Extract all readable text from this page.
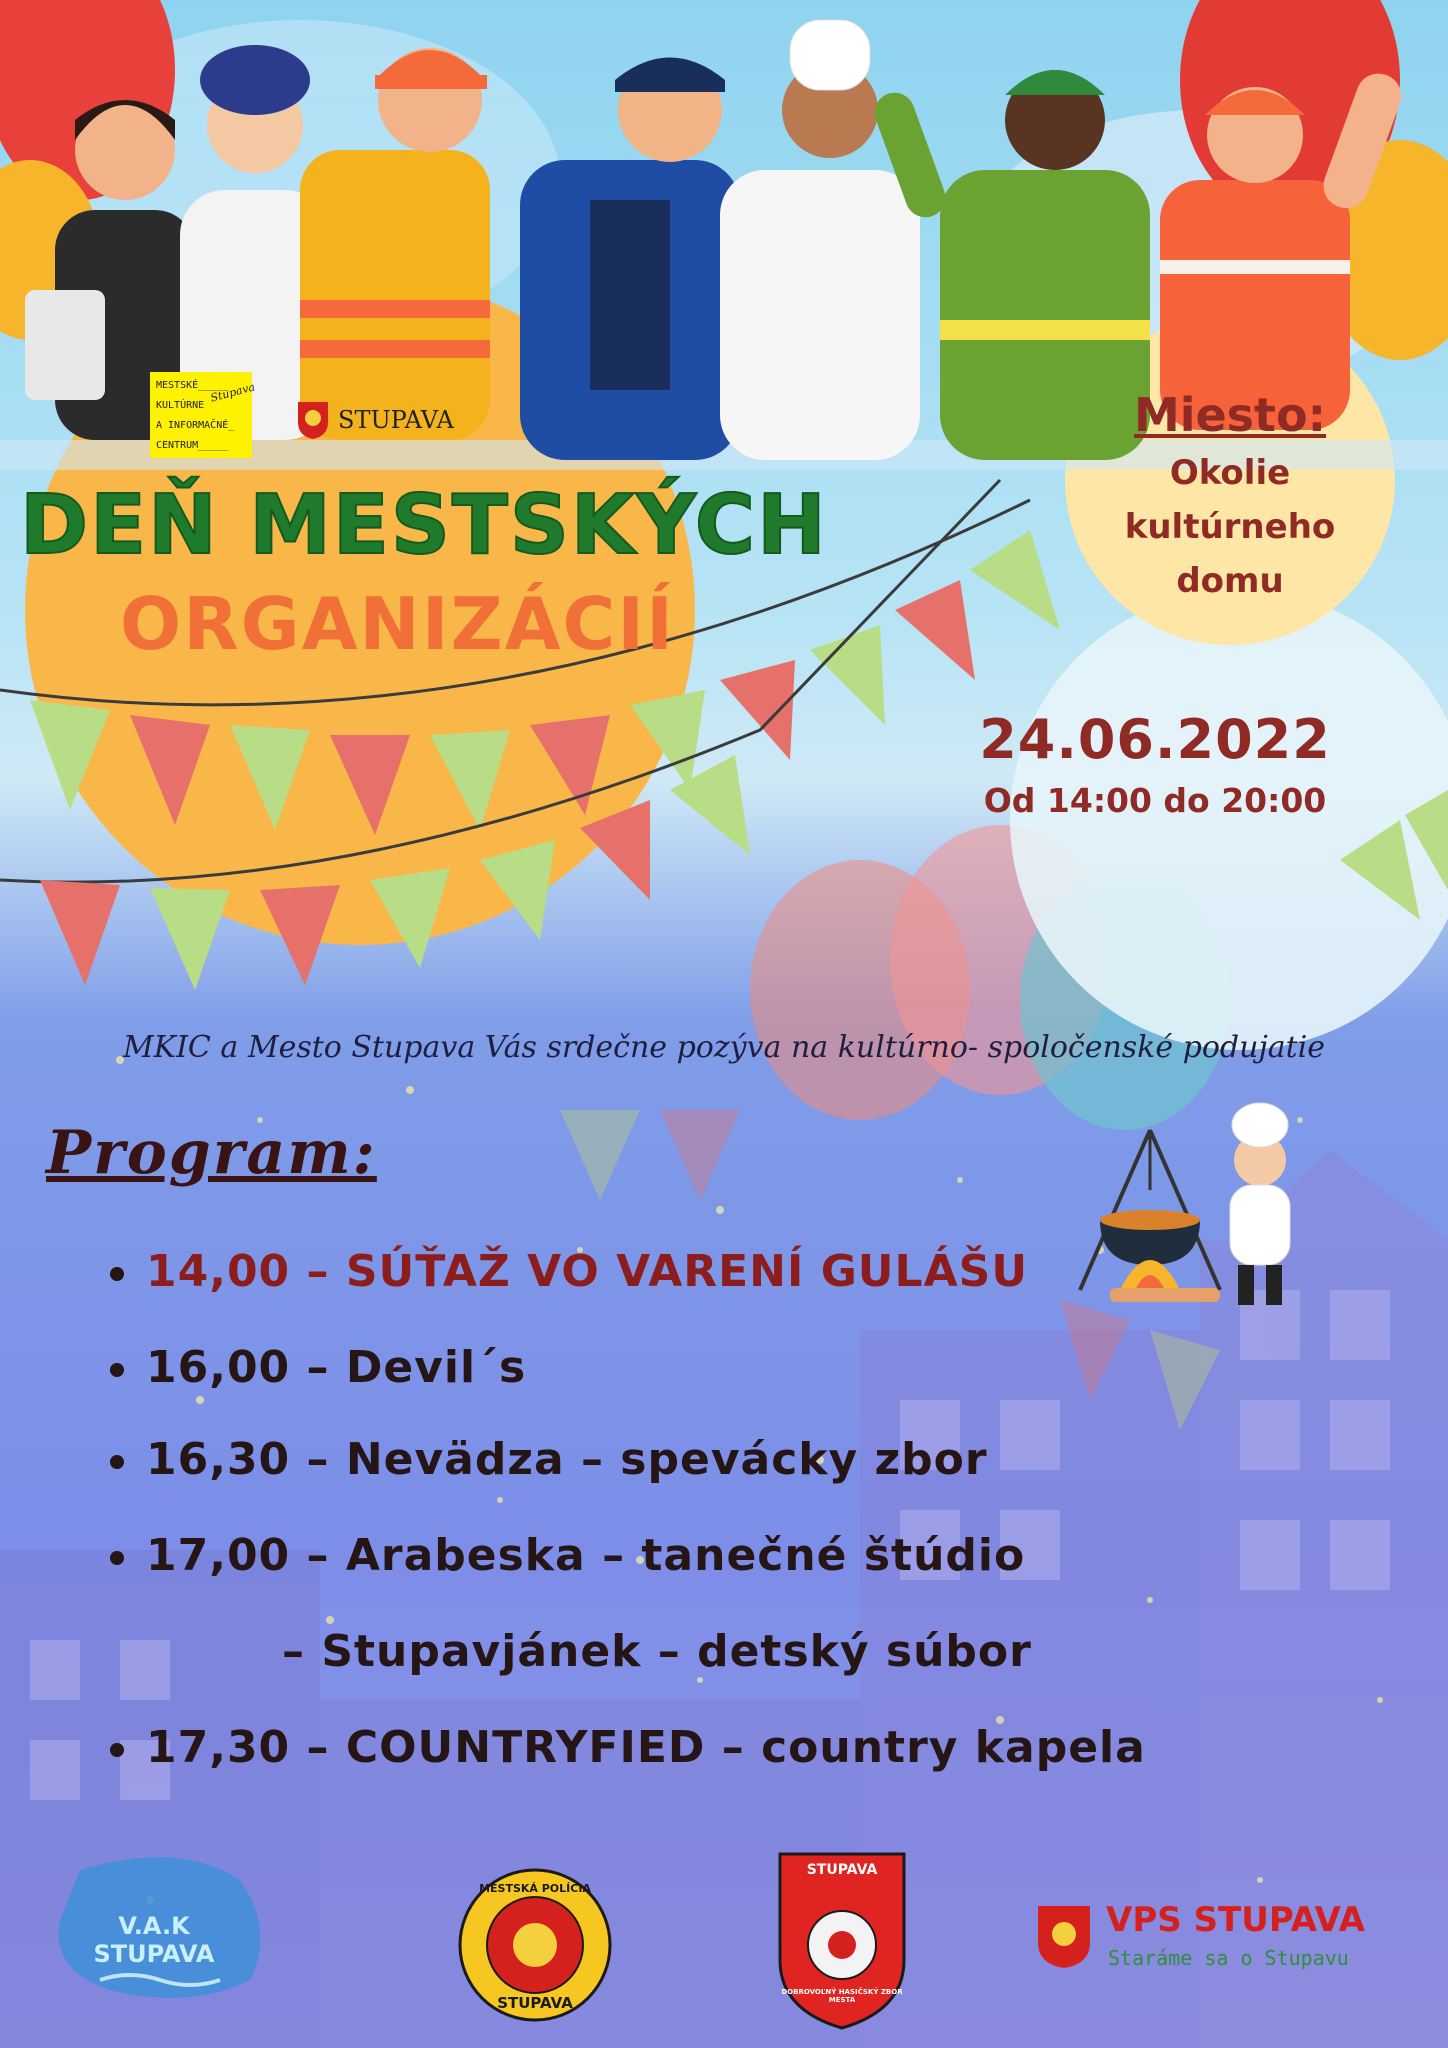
MESTSKÉ_____
KULTÚRNE
A INFORMAČNÉ_
CENTRUM_____
Stupava
STUPAVA
DEŇ MESTSKÝCH
ORGANIZÁCIÍ
Miesto:
Okolie
kultúrneho
domu
24.06.2022
Od 14:00 do 20:00
MKIC a Mesto Stupava Vás srdečne pozýva na kultúrno- spoločenské podujatie
Program:
14,00 – SÚŤAŽ VO VARENÍ GULÁŠU
16,00 – Devil´s
16,30 – Nevädza – spevácky zbor
17,00 – Arabeska – tanečné štúdio
– Stupavjánek – detský súbor
17,30 – COUNTRYFIED – country kapela
V.A.K STUPAVA
MESTSKÁ POLÍCIA
STUPAVA
STUPAVA
DOBROVOĽNÝ HASIČSKÝ ZBOR MESTA
VPS STUPAVA
Staráme sa o Stupavu
